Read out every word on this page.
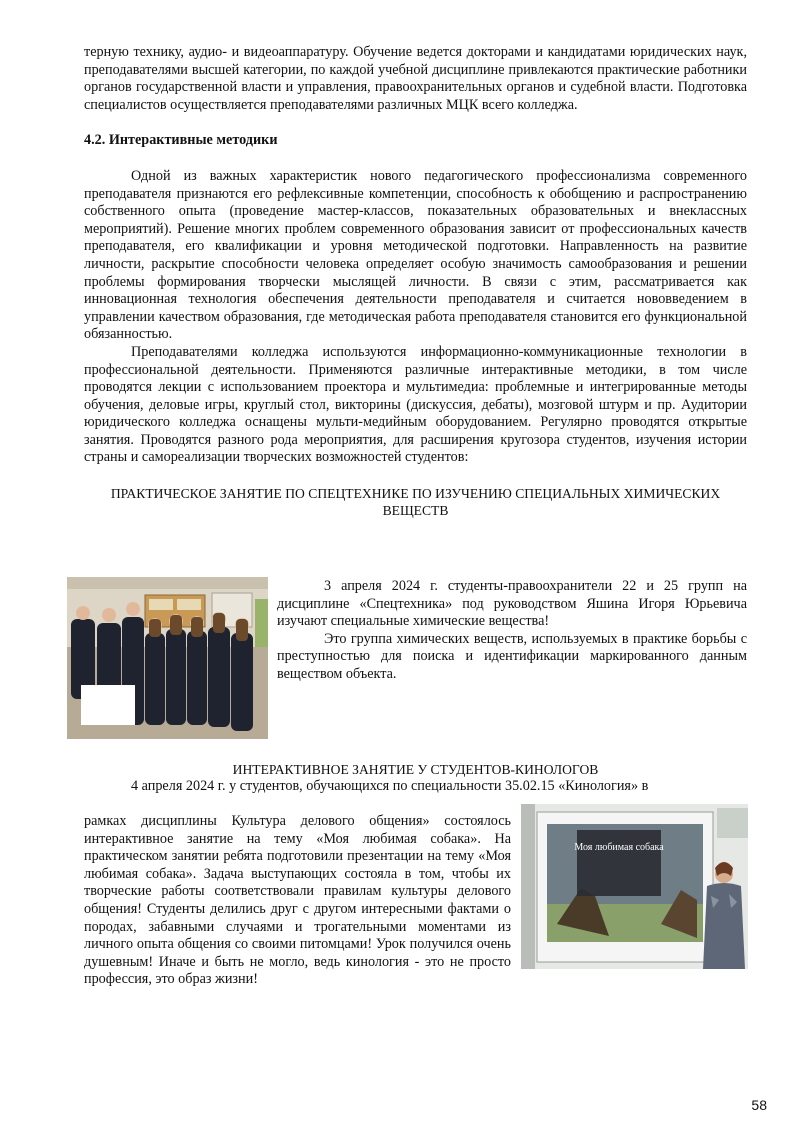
терную технику, аудио- и видеоаппаратуру. Обучение ведется докторами и кандидатами юридических наук, преподавателями высшей категории, по каждой учебной дисциплине привлекаются практические работники органов государственной власти и управления, правоохранительных органов и судебной власти. Подготовка специалистов осуществляется преподавателями различных МЦК всего колледжа.

4.2. Интерактивные методики

Одной из важных характеристик нового педагогического профессионализма современного преподавателя признаются его рефлексивные компетенции, способность к обобщению и распространению собственного опыта (проведение мастер-классов, показательных образовательных и внеклассных мероприятий). Решение многих проблем современного образования зависит от профессиональных качеств преподавателя, его квалификации и уровня методической подготовки. Направленность на развитие личности, раскрытие способности человека определяет особую значимость самообразования и решении проблемы формирования творчески мыслящей личности. В связи с этим, рассматривается как инновационная технология обеспечения деятельности преподавателя и считается нововведением в управлении качеством образования, где методическая работа преподавателя становится его функциональной обязанностью.

Преподавателями колледжа используются информационно-коммуникационные технологии в профессиональной деятельности. Применяются различные интерактивные методики, в том числе проводятся лекции с использованием проектора и мультимедиа: проблемные и интегрированные методы обучения, деловые игры, круглый стол, викторины (дискуссия, дебаты), мозговой штурм и пр. Аудитории юридического колледжа оснащены мульти-медийным оборудованием. Регулярно проводятся открытые занятия. Проводятся разного рода мероприятия, для расширения кругозора студентов, изучения истории страны и самореализации творческих возможностей студентов:

ПРАКТИЧЕСКОЕ ЗАНЯТИЕ ПО СПЕЦТЕХНИКЕ ПО ИЗУЧЕНИЮ СПЕЦИАЛЬНЫХ ХИМИЧЕСКИХ ВЕЩЕСТВ

3 апреля 2024 г. студенты-правоохранители 22 и 25 групп на дисциплине «Спецтехника» под руководством Яшина Игоря Юрьевича изучают специальные химические вещества!

Это группа химических веществ, используемых в практике борьбы с преступностью для поиска и идентификации маркированного данным веществом объекта.

ИНТЕРАКТИВНОЕ ЗАНЯТИЕ У СТУДЕНТОВ-КИНОЛОГОВ

4 апреля 2024 г. у студентов, обучающихся по специальности 35.02.15 «Кинология» в

рамках дисциплины Культура делового общения» состоялось интерактивное занятие на тему «Моя любимая собака». На практическом занятии ребята подготовили презентации на тему «Моя любимая собака». Задача выступающих состояла в том, чтобы их творческие работы соответствовали правилам культуры делового общения! Студенты делились друг с другом интересными фактами о породах, забавными случаями и трогательными моментами из личного опыта общения со своими питомцами! Урок получился очень душевным! Иначе и быть не могло, ведь кинология - это не просто профессия, это образ жизни!

Моя любимая собака
58
